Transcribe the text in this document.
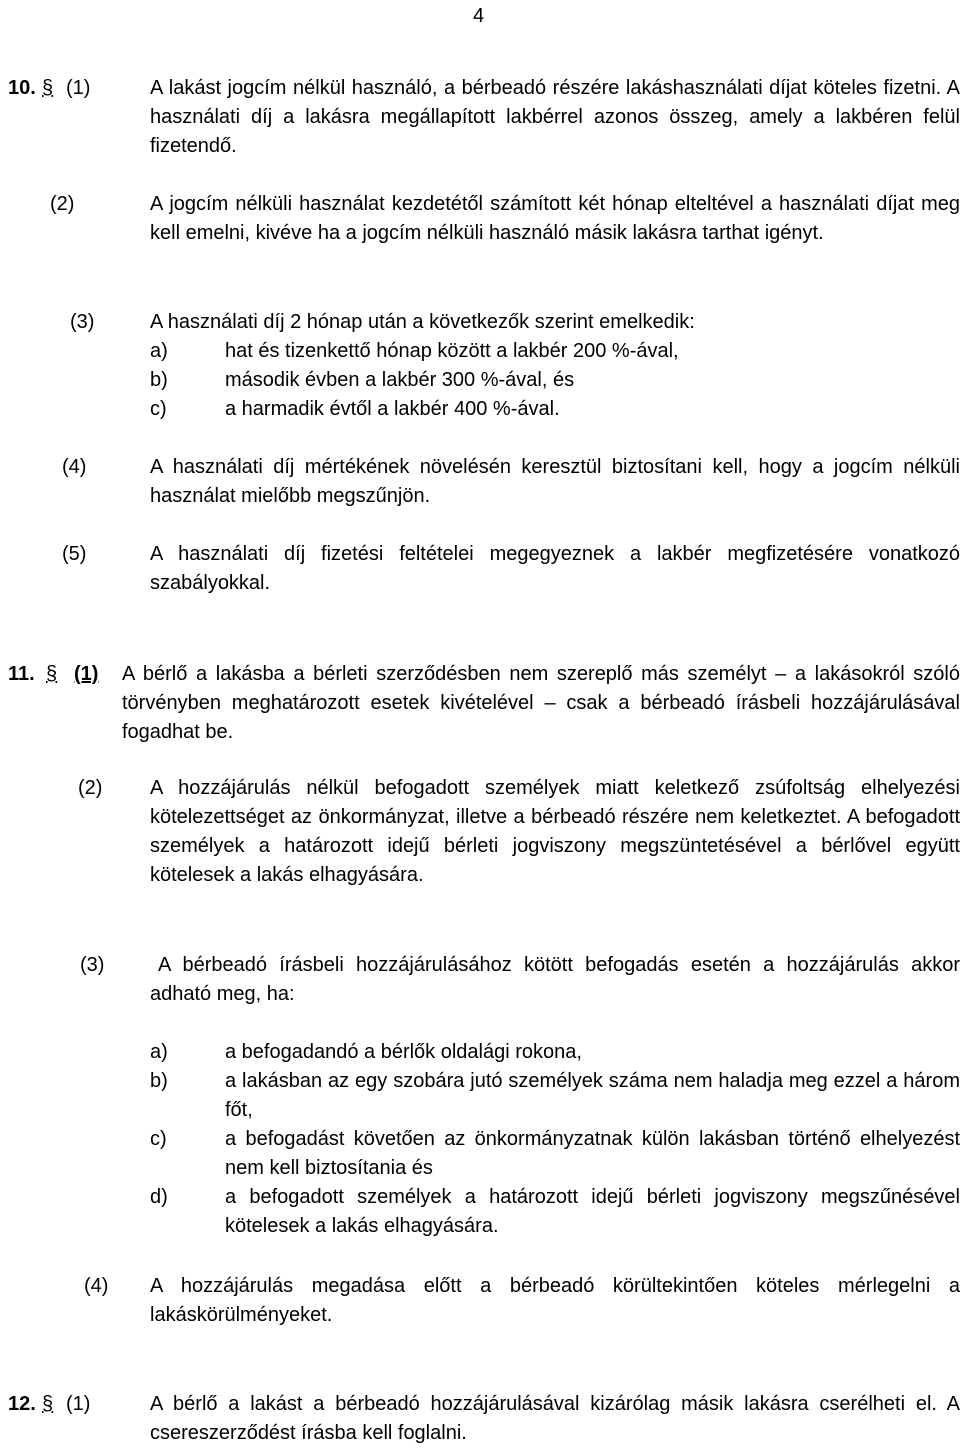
4
10. § (1)	A lakást jogcím nélkül használó, a bérbeadó részére lakáshasználati díjat köteles fizetni. A használati díj a lakásra megállapított lakbérrel azonos összeg, amely a lakbéren felül fizetendő.
(2)	A jogcím nélküli használat kezdetétől számított két hónap elteltével a használati díjat meg kell emelni, kivéve ha a jogcím nélküli használó másik lakásra tarthat igényt.
(3)	A használati díj 2 hónap után a következők szerint emelkedik:
a)	hat és tizenkettő hónap között a lakbér 200 %-ával,
b)	második évben a lakbér 300 %-ával, és
c)	a harmadik évtől a lakbér 400 %-ával.
(4)	A használati díj mértékének növelésén keresztül biztosítani kell, hogy a jogcím nélküli használat mielőbb megszűnjön.
(5)	A használati díj fizetési feltételei megegyeznek a lakbér megfizetésére vonatkozó szabályokkal.
11. § (1) A bérlő a lakásba a bérleti szerződésben nem szereplő más személyt – a lakásokról szóló törvényben meghatározott esetek kivételével – csak a bérbeadó írásbeli hozzájárulásával fogadhat be.
(2) A hozzájárulás nélkül befogadott személyek miatt keletkező zsúfoltság elhelyezési kötelezettséget az önkormányzat, illetve a bérbeadó részére nem keletkeztet. A befogadott személyek a határozott idejű bérleti jogviszony megszüntetésével a bérlővel együtt kötelesek a lakás elhagyására.
(3)	A bérbeadó írásbeli hozzájárulásához kötött befogadás esetén a hozzájárulás akkor adható meg, ha:
a)	a befogadandó a bérlők oldalági rokona,
b)	a lakásban az egy szobára jutó személyek száma nem haladja meg ezzel a három főt,
c)	a befogadást követően az önkormányzatnak külön lakásban történő elhelyezést nem kell biztosítania és
d)	a befogadott személyek a határozott idejű bérleti jogviszony megszűnésével kötelesek a lakás elhagyására.
(4) A hozzájárulás megadása előtt a bérbeadó körültekintően köteles mérlegelni a lakáskörülményeket.
12. § (1)	A bérlő a lakást a bérbeadó hozzájárulásával kizárólag másik lakásra cserélheti el. A csereszerződést írásba kell foglalni.
